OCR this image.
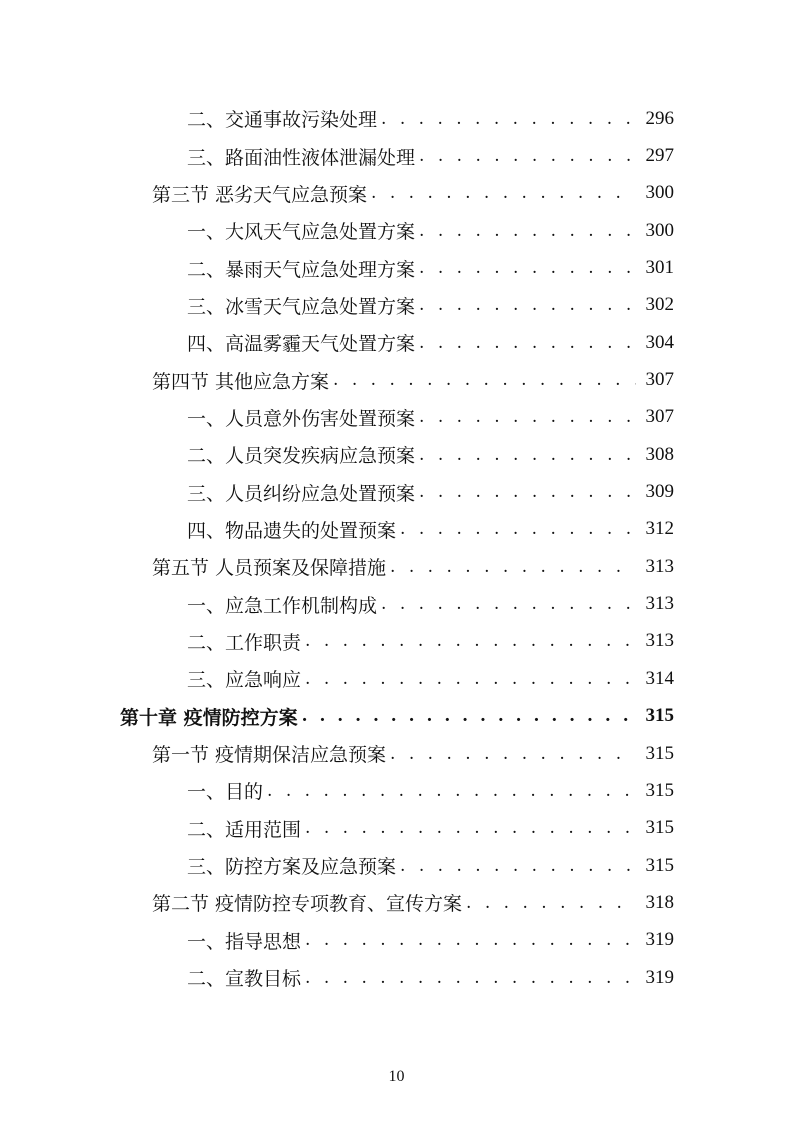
二、交通事故污染处理 . . .	296
三、路面油性液体泄漏处理 . . .	297
第三节 恶劣天气应急预案 . . .	300
一、大风天气应急处置方案 . . .	300
二、暴雨天气应急处理方案 . . .	301
三、冰雪天气应急处置方案 . . .	302
四、高温雾霾天气处置方案 . . .	304
第四节 其他应急方案 . . .	307
一、人员意外伤害处置预案 . . .	307
二、人员突发疾病应急预案 . . .	308
三、人员纠纷应急处置预案 . . .	309
四、物品遗失的处置预案 . . .	312
第五节 人员预案及保障措施 . . .	313
一、应急工作机制构成 . . .	313
二、工作职责 . . .	313
三、应急响应 . . .	314
第十章 疫情防控方案 . . .	315
第一节 疫情期保洁应急预案 . . .	315
一、目的 . . .	315
二、适用范围 . . .	315
三、防控方案及应急预案 . . .	315
第二节 疫情防控专项教育、宣传方案 . . .	318
一、指导思想 . . .	319
二、宣教目标 . . .	319
10
